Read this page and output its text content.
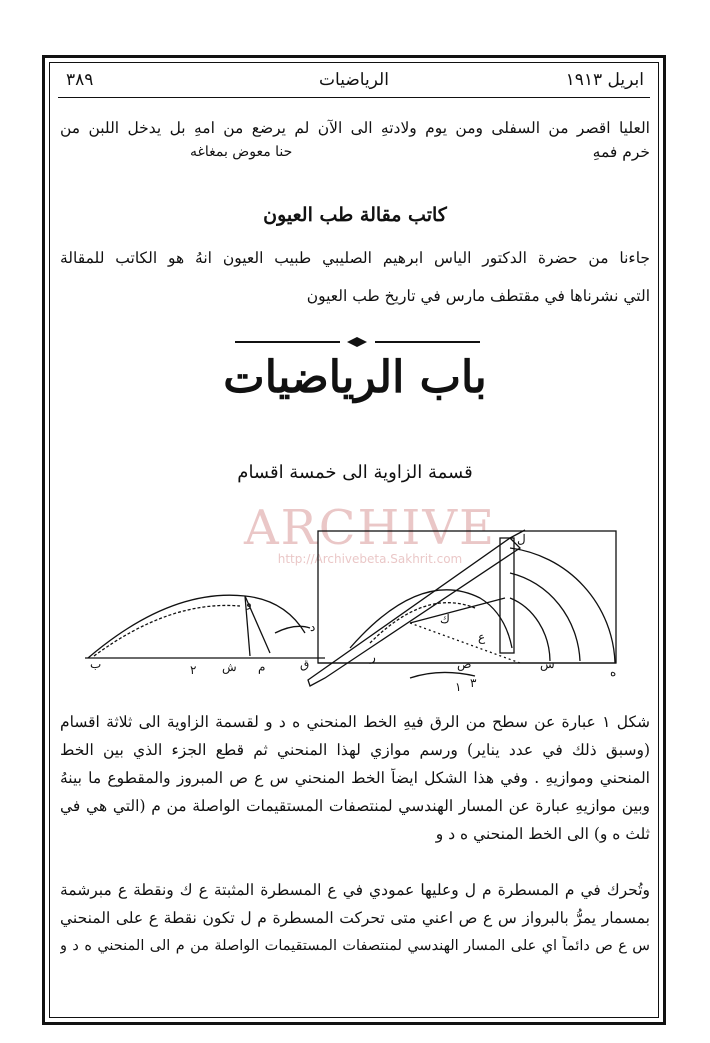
ابريل ١٩١٣
الرياضيات
٣٨٩
العليا اقصر من السفلى ومن يوم ولادتهِ الى الآن لم يرضع من امهِ بل يدخل اللبن من
خرم فمهِ
حنا معوض بمغاغه
كاتب مقالة طب العيون
جاءنا من حضرة الدكتور الياس ابرهيم الصليبي طبيب العيون انهُ هو الكاتب للمقالة
التي نشرناها في مقتطف مارس في تاريخ طب العيون
باب الرياضيات
قسمة الزاوية الى خمسة اقسام
ARCHIVE
http://Archivebeta.Sakhrit.com
ل
ع
ك
ص
د
ه
س
ر
م
ش
و
ق
ب
١
٢
٣
شكل ١ عبارة عن سطح من الرق فيهِ الخط المنحني ه د و لقسمة الزاوية الى ثلاثة اقسام
(وسبق ذلك في عدد يناير) ورسم موازي لهذا المنحني ثم قطع الجزء الذي بين الخط
المنحني وموازيهِ . وفي هذا الشكل ايضاً الخط المنحني س ع ص المبروز والمقطوع ما بينهُ
وبين موازيهِ عبارة عن المسار الهندسي لمنتصفات المستقيمات الواصلة من م (التي هي في
ثلث ه و) الى الخط المنحني ه د و
وتُحرك في م المسطرة م ل وعليها عمودي في ع المسطرة المثبتة ع ك ونقطة ع مبرشمة
بمسمار يمرُّ بالبرواز س ع ص اعني متى تحركت المسطرة م ل تكون نقطة ع على المنحني
س ع ص دائماً اي على المسار الهندسي لمنتصفات المستقيمات الواصلة من م الى المنحني ه د و
